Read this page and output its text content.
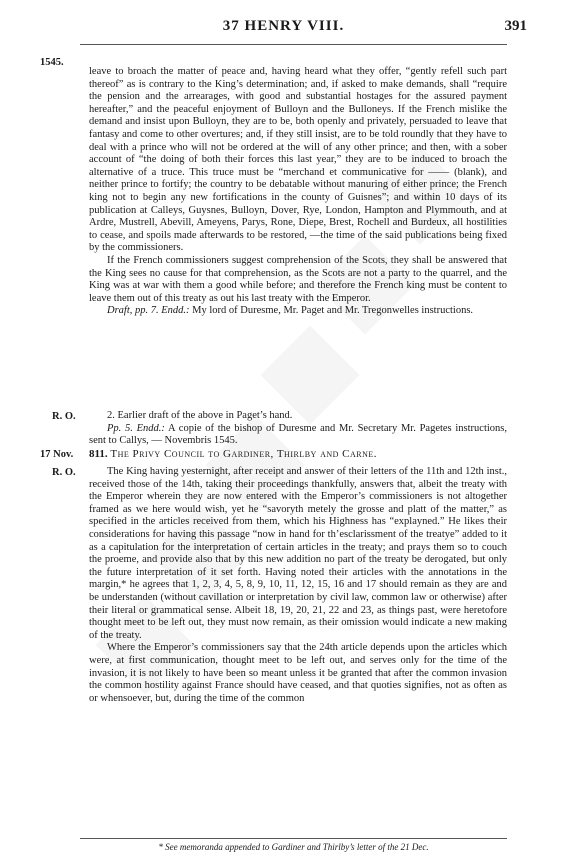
37 HENRY VIII.	391
1545.
R. O.
17 Nov.
R. O.

leave to broach the matter of peace and, having heard what they offer, “gently refell such part thereof” as is contrary to the King’s determination; and, if asked to make demands, shall “require the pension and the arrearages, with good and substantial hostages for the assured payment hereafter,” and the peaceful enjoyment of Bulloyn and the Bulloneys. If the French mislike the demand and insist upon Bulloyn, they are to be, both openly and privately, persuaded to leave that fantasy and come to other overtures; and, if they still insist, are to be told roundly that they have to deal with a prince who will not be ordered at the will of any other prince; and then, with a sober account of “the doing of both their forces this last year,” they are to be induced to broach the alternative of a truce. This truce must be “merchand et communicative for —— (blank), and neither prince to fortify; the country to be debatable without manuring of either prince; the French king not to begin any new fortifications in the county of Guisnes”; and within 10 days of its publication at Calleys, Guysnes, Bulloyn, Dover, Rye, London, Hampton and Plymmouth, and at Ardre, Mustrell, Abevill, Ameyens, Parys, Rone, Diepe, Brest, Rochell and Burdeux, all hostilities to cease, and spoils made afterwards to be restored, —the time of the said publications being fixed by the commissioners.

If the French commissioners suggest comprehension of the Scots, they shall be answered that the King sees no cause for that comprehension, as the Scots are not a party to the quarrel, and the King was at war with them a good while before; and therefore the French king must be content to leave them out of this treaty as out his last treaty with the Emperor.

Draft, pp. 7. Endd.: My lord of Duresme, Mr. Paget and Mr. Tregonwelles instructions.

2. Earlier draft of the above in Paget’s hand.

Pp. 5. Endd.: A copie of the bishop of Duresme and Mr. Secretary Mr. Pagetes instructions, sent to Callys, — Novembris 1545.

811. The Privy Council to Gardiner, Thirlby and Carne.

The King having yesternight, after receipt and answer of their letters of the 11th and 12th inst., received those of the 14th, taking their proceedings thankfully, answers that, albeit the treaty with the Emperor wherein they are now entered with the Emperor’s commissioners is not altogether framed as we here would wish, yet he “savoryth metely the grosse and platt of the matter,” as specified in the articles received from them, which his Highness has “explayned.” He likes their considerations for having this passage “now in hand for th’esclarissment of the treatye” added to it as a capitulation for the interpretation of certain articles in the treaty; and prays them so to couch the proeme, and provide also that by this new addition no part of the treaty be derogated, but only the future interpretation of it set forth. Having noted their articles with the annotations in the margin,* he agrees that 1, 2, 3, 4, 5, 8, 9, 10, 11, 12, 15, 16 and 17 should remain as they are and be understanden (without cavillation or interpretation by civil law, common law or otherwise) after their literal or grammatical sense. Albeit 18, 19, 20, 21, 22 and 23, as things past, were heretofore thought meet to be left out, they must now remain, as their omission would indicate a new making of the treaty.

Where the Emperor’s commissioners say that the 24th article depends upon the articles which were, at first communication, thought meet to be left out, and serves only for the time of the invasion, it is not likely to have been so meant unless it be granted that after the common invasion the common hostility against France should have ceased, and that quoties signifies, not as often as or whensoever, but, during the time of the common

* See memoranda appended to Gardiner and Thirlby’s letter of the 21 Dec.
